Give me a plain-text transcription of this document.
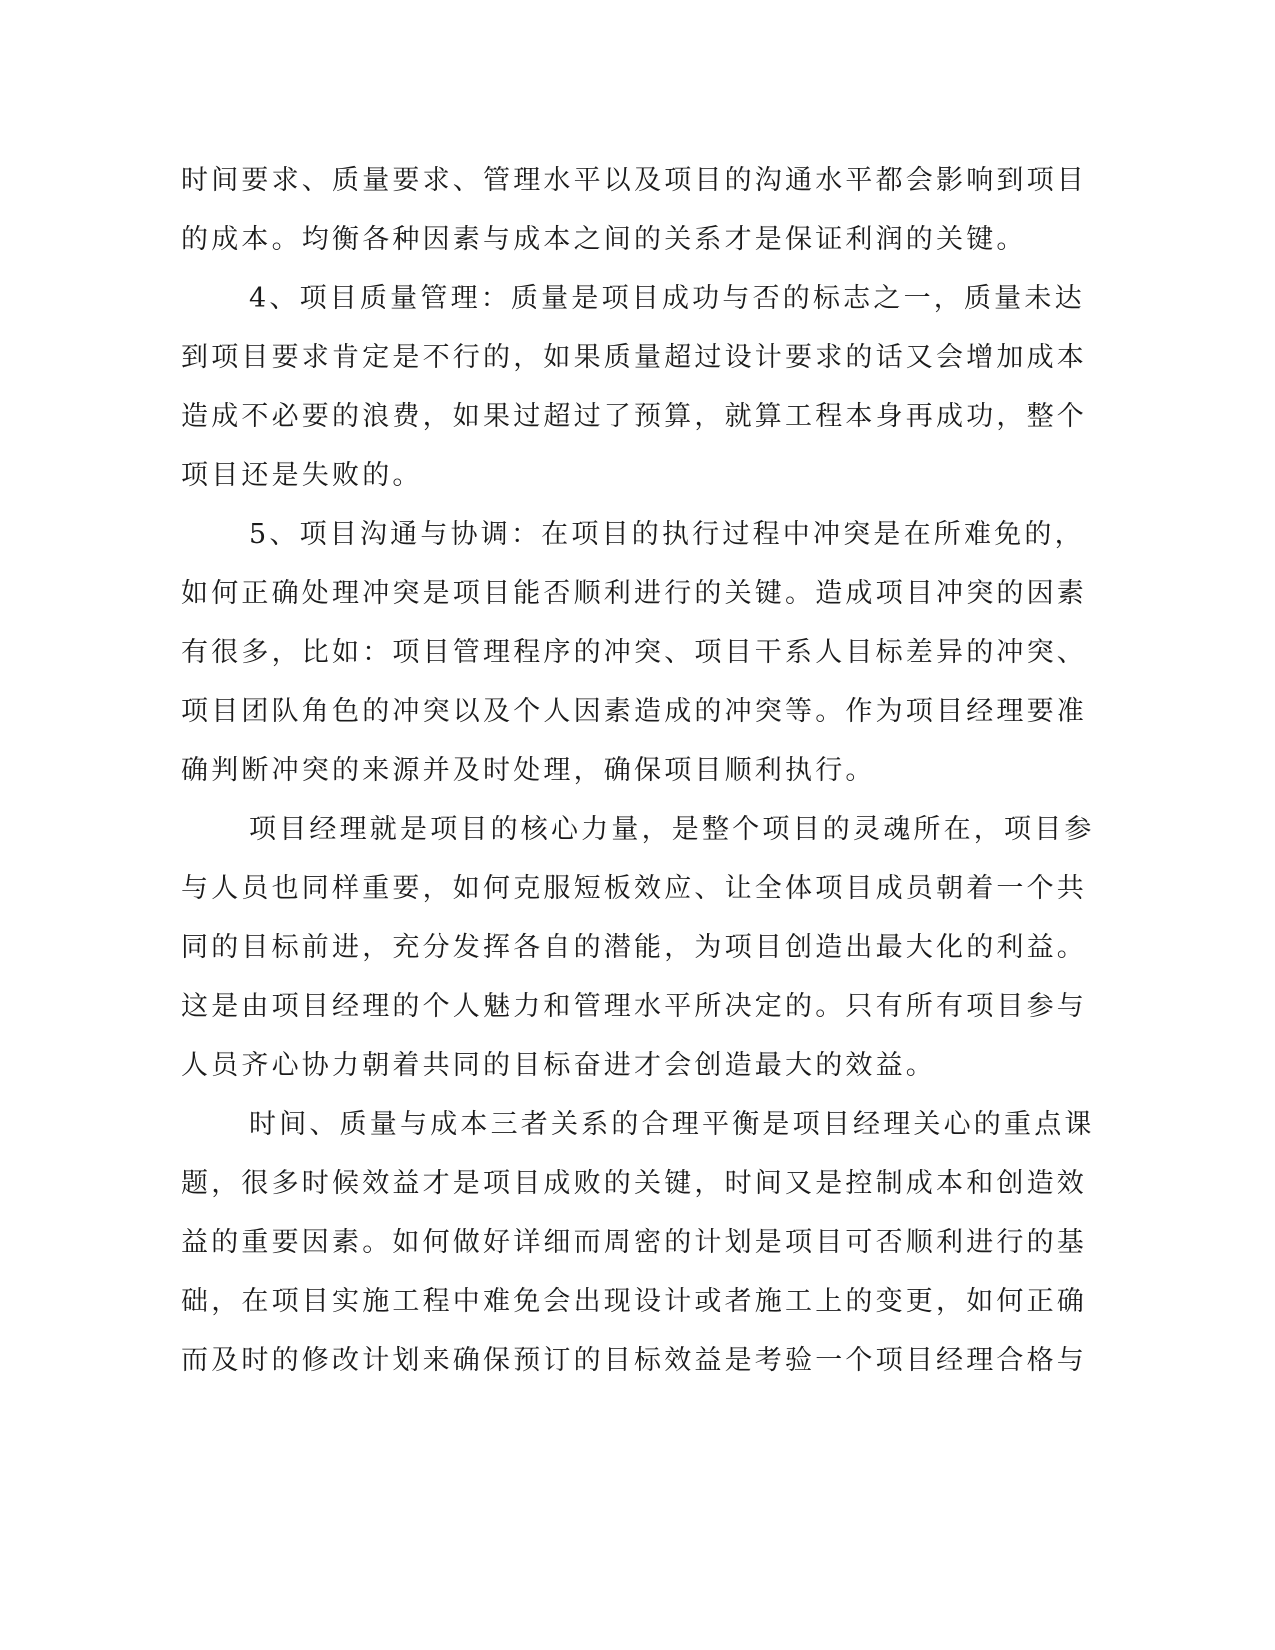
时间要求、质量要求、管理水平以及项目的沟通水平都会影响到项目
的成本。均衡各种因素与成本之间的关系才是保证利润的关键。
4、项目质量管理：质量是项目成功与否的标志之一，质量未达
到项目要求肯定是不行的，如果质量超过设计要求的话又会增加成本
造成不必要的浪费，如果过超过了预算，就算工程本身再成功，整个
项目还是失败的。
5、项目沟通与协调：在项目的执行过程中冲突是在所难免的，
如何正确处理冲突是项目能否顺利进行的关键。造成项目冲突的因素
有很多，比如：项目管理程序的冲突、项目干系人目标差异的冲突、
项目团队角色的冲突以及个人因素造成的冲突等。作为项目经理要准
确判断冲突的来源并及时处理，确保项目顺利执行。
项目经理就是项目的核心力量，是整个项目的灵魂所在，项目参
与人员也同样重要，如何克服短板效应、让全体项目成员朝着一个共
同的目标前进，充分发挥各自的潜能，为项目创造出最大化的利益。
这是由项目经理的个人魅力和管理水平所决定的。只有所有项目参与
人员齐心协力朝着共同的目标奋进才会创造最大的效益。
时间、质量与成本三者关系的合理平衡是项目经理关心的重点课
题，很多时候效益才是项目成败的关键，时间又是控制成本和创造效
益的重要因素。如何做好详细而周密的计划是项目可否顺利进行的基
础，在项目实施工程中难免会出现设计或者施工上的变更，如何正确
而及时的修改计划来确保预订的目标效益是考验一个项目经理合格与
